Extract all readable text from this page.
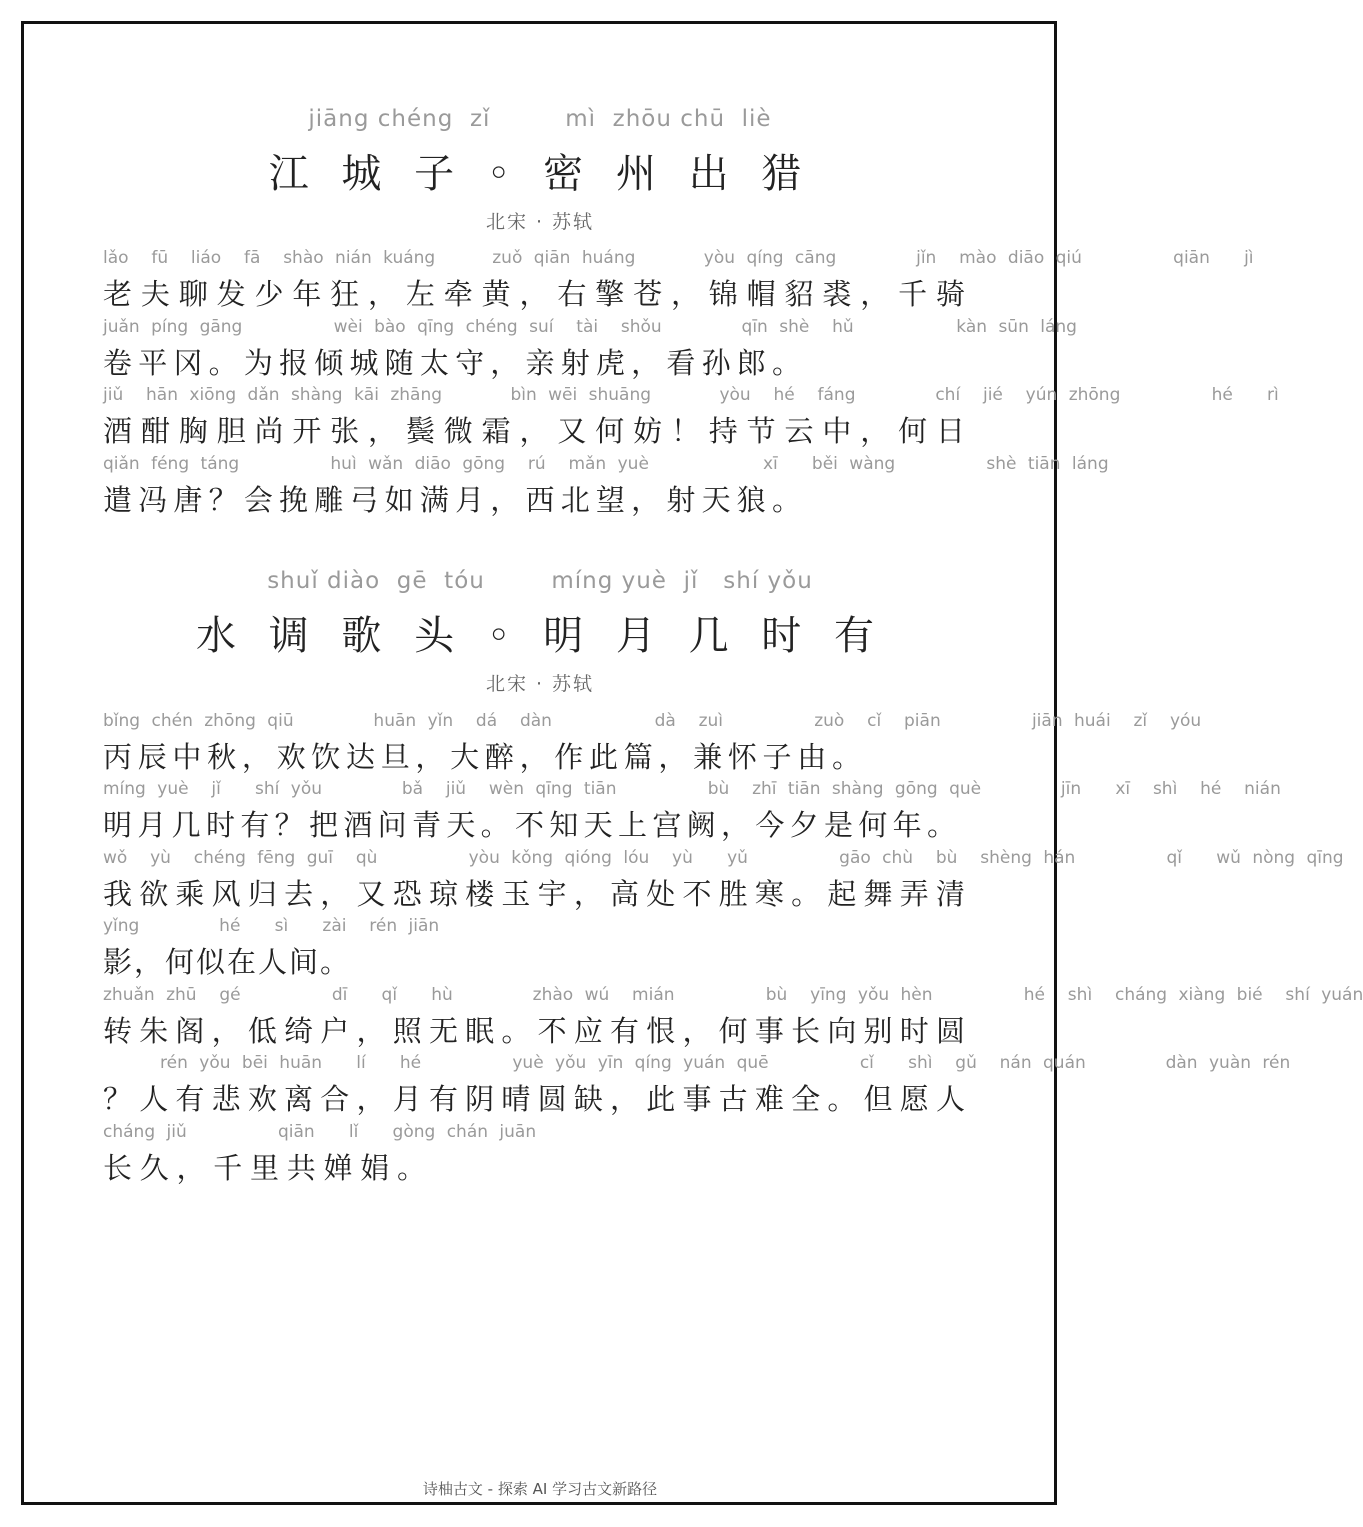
jiāng chéng  zǐ         mì  zhōu chū  liè
江 城 子 ◦ 密 州 出 猎
北宋 · 苏轼
lǎo  fū  liáo  fā  shào nián kuáng     zuǒ qiān huáng      yòu qíng cāng       jǐn  mào diāo qiú        qiān   jì
老夫聊发少年狂，左牵黄，右擎苍，锦帽貂裘，千骑
juǎn píng gāng        wèi bào qīng chéng suí  tài  shǒu       qīn shè  hǔ         kàn sūn láng
卷平冈。为报倾城随太守，亲射虎，看孙郎。
jiǔ  hān xiōng dǎn shàng kāi zhāng      bìn wēi shuāng      yòu  hé  fáng       chí  jié  yún zhōng        hé   rì
酒酣胸胆尚开张，鬓微霜，又何妨！持节云中，何日
qiǎn féng táng        huì wǎn diāo gōng  rú  mǎn yuè          xī   běi wàng        shè tiān láng
遣冯唐？会挽雕弓如满月，西北望，射天狼。
shuǐ diào  gē  tóu        míng yuè  jǐ   shí yǒu
水 调 歌 头 ◦ 明 月 几 时 有
北宋 · 苏轼
bǐng chén zhōng qiū       huān yǐn  dá  dàn         dà  zuì        zuò  cǐ  piān        jiān huái  zǐ  yóu
丙辰中秋，欢饮达旦，大醉，作此篇，兼怀子由。
míng yuè  jǐ   shí yǒu       bǎ  jiǔ  wèn qīng tiān        bù  zhī tiān shàng gōng què       jīn   xī  shì  hé  nián
明月几时有？把酒问青天。不知天上宫阙，今夕是何年。
wǒ  yù  chéng fēng guī  qù        yòu kǒng qióng lóu  yù   yǔ        gāo chù  bù  shèng hán        qǐ   wǔ nòng qīng
我欲乘风归去，又恐琼楼玉宇，高处不胜寒。起舞弄清
yǐng       hé   sì   zài  rén jiān
影，何似在人间。
zhuǎn zhū  gé        dī   qǐ   hù       zhào wú  mián        bù  yīng yǒu hèn        hé  shì  cháng xiàng bié  shí yuán
转朱阁，低绮户，照无眠。不应有恨，何事长向别时圆
rén yǒu bēi huān   lí   hé        yuè yǒu yīn qíng yuán quē        cǐ   shì  gǔ  nán quán       dàn yuàn rén
？人有悲欢离合，月有阴晴圆缺，此事古难全。但愿人
cháng jiǔ        qiān   lǐ   gòng chán juān
长久，千里共婵娟。
诗柚古文 - 探索 AI 学习古文新路径
